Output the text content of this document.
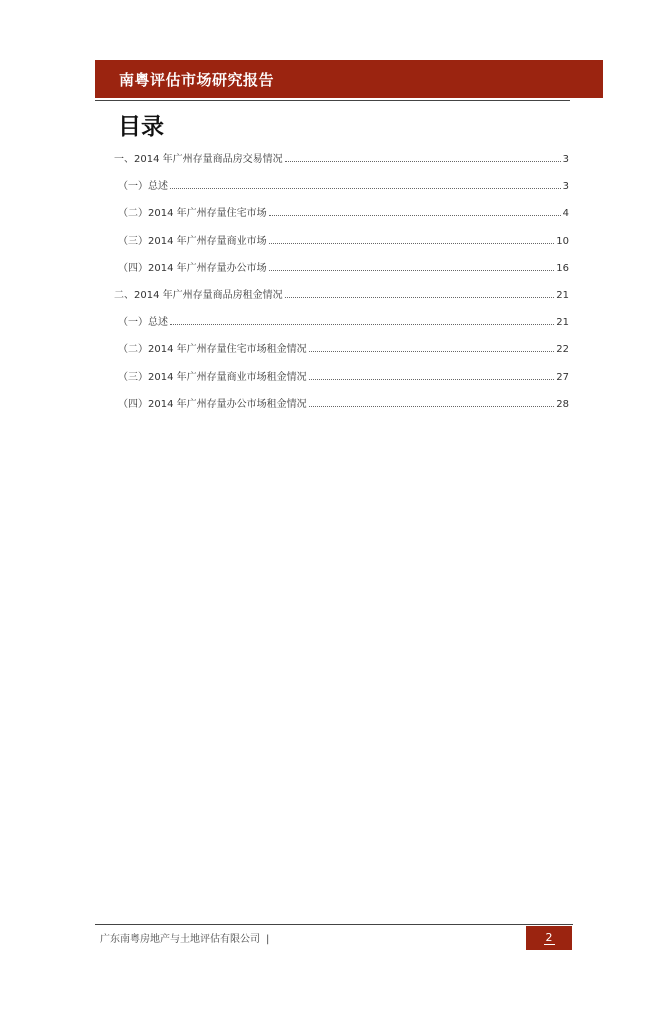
南粤评估市场研究报告
目录
一、2014 年广州存量商品房交易情况	3
（一）总述	3
（二）2014 年广州存量住宅市场	4
（三）2014 年广州存量商业市场	10
（四）2014 年广州存量办公市场	16
二、2014 年广州存量商品房租金情况	21
（一）总述	21
（二）2014 年广州存量住宅市场租金情况	22
（三）2014 年广州存量商业市场租金情况	27
（四）2014 年广州存量办公市场租金情况	28
广东南粤房地产与土地评估有限公司 |	2
